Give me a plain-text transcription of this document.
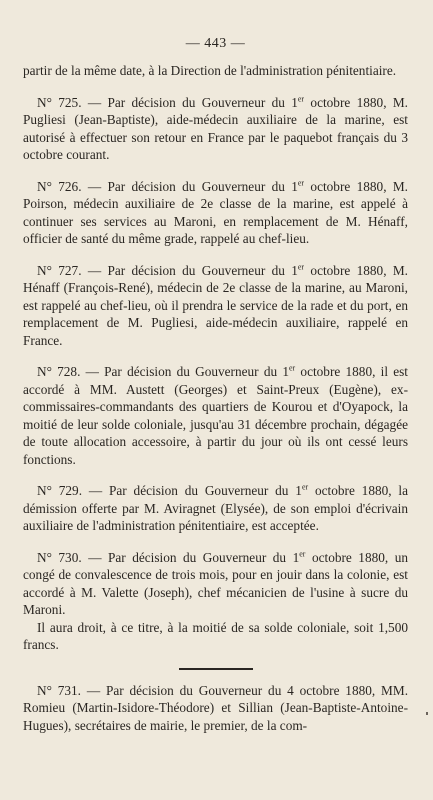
— 443 —

partir de la même date, à la Direction de l'administration pénitentiaire.

N° 725. — Par décision du Gouverneur du 1er octobre 1880, M. Pugliesi (Jean-Baptiste), aide-médecin auxiliaire de la marine, est autorisé à effectuer son retour en France par le paquebot français du 3 octobre courant.

N° 726. — Par décision du Gouverneur du 1er octobre 1880, M. Poirson, médecin auxiliaire de 2e classe de la marine, est appelé à continuer ses services au Maroni, en remplacement de M. Hénaff, officier de santé du même grade, rappelé au chef-lieu.

N° 727. — Par décision du Gouverneur du 1er octobre 1880, M. Hénaff (François-René), médecin de 2e classe de la marine, au Maroni, est rappelé au chef-lieu, où il prendra le service de la rade et du port, en remplacement de M. Pugliesi, aide-médecin auxiliaire, rappelé en France.

N° 728. — Par décision du Gouverneur du 1er octobre 1880, il est accordé à MM. Austett (Georges) et Saint-Preux (Eugène), ex-commissaires-commandants des quartiers de Kourou et d'Oyapock, la moitié de leur solde coloniale, jusqu'au 31 décembre prochain, dégagée de toute allocation accessoire, à partir du jour où ils ont cessé leurs fonctions.

N° 729. — Par décision du Gouverneur du 1er octobre 1880, la démission offerte par M. Aviragnet (Elysée), de son emploi d'écrivain auxiliaire de l'administration pénitentiaire, est acceptée.

N° 730. — Par décision du Gouverneur du 1er octobre 1880, un congé de convalescence de trois mois, pour en jouir dans la colonie, est accordé à M. Valette (Joseph), chef mécanicien de l'usine à sucre du Maroni.

Il aura droit, à ce titre, à la moitié de sa solde coloniale, soit 1,500 francs.

N° 731. — Par décision du Gouverneur du 4 octobre 1880, MM. Romieu (Martin-Isidore-Théodore) et Sillian (Jean-Baptiste-Antoine-Hugues), secrétaires de mairie, le premier, de la com-
